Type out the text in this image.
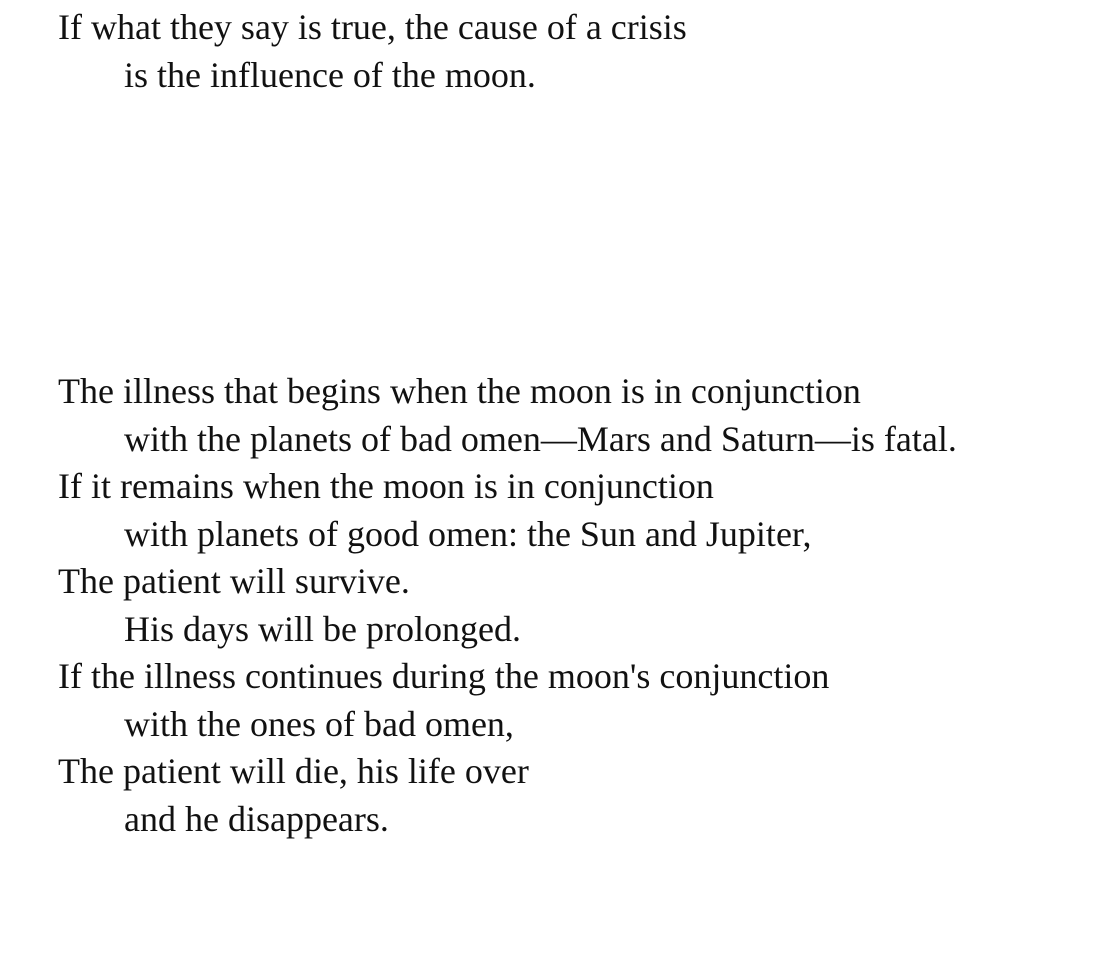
If what they say is true, the cause of a crisis
is the influence of the moon.
The illness that begins when the moon is in conjunction
with the planets of bad omen—Mars and Saturn—is fatal.
If it remains when the moon is in conjunction
with planets of good omen: the Sun and Jupiter,
The patient will survive.
His days will be prolonged.
If the illness continues during the moon's conjunction
with the ones of bad omen,
The patient will die, his life over
and he disappears.
